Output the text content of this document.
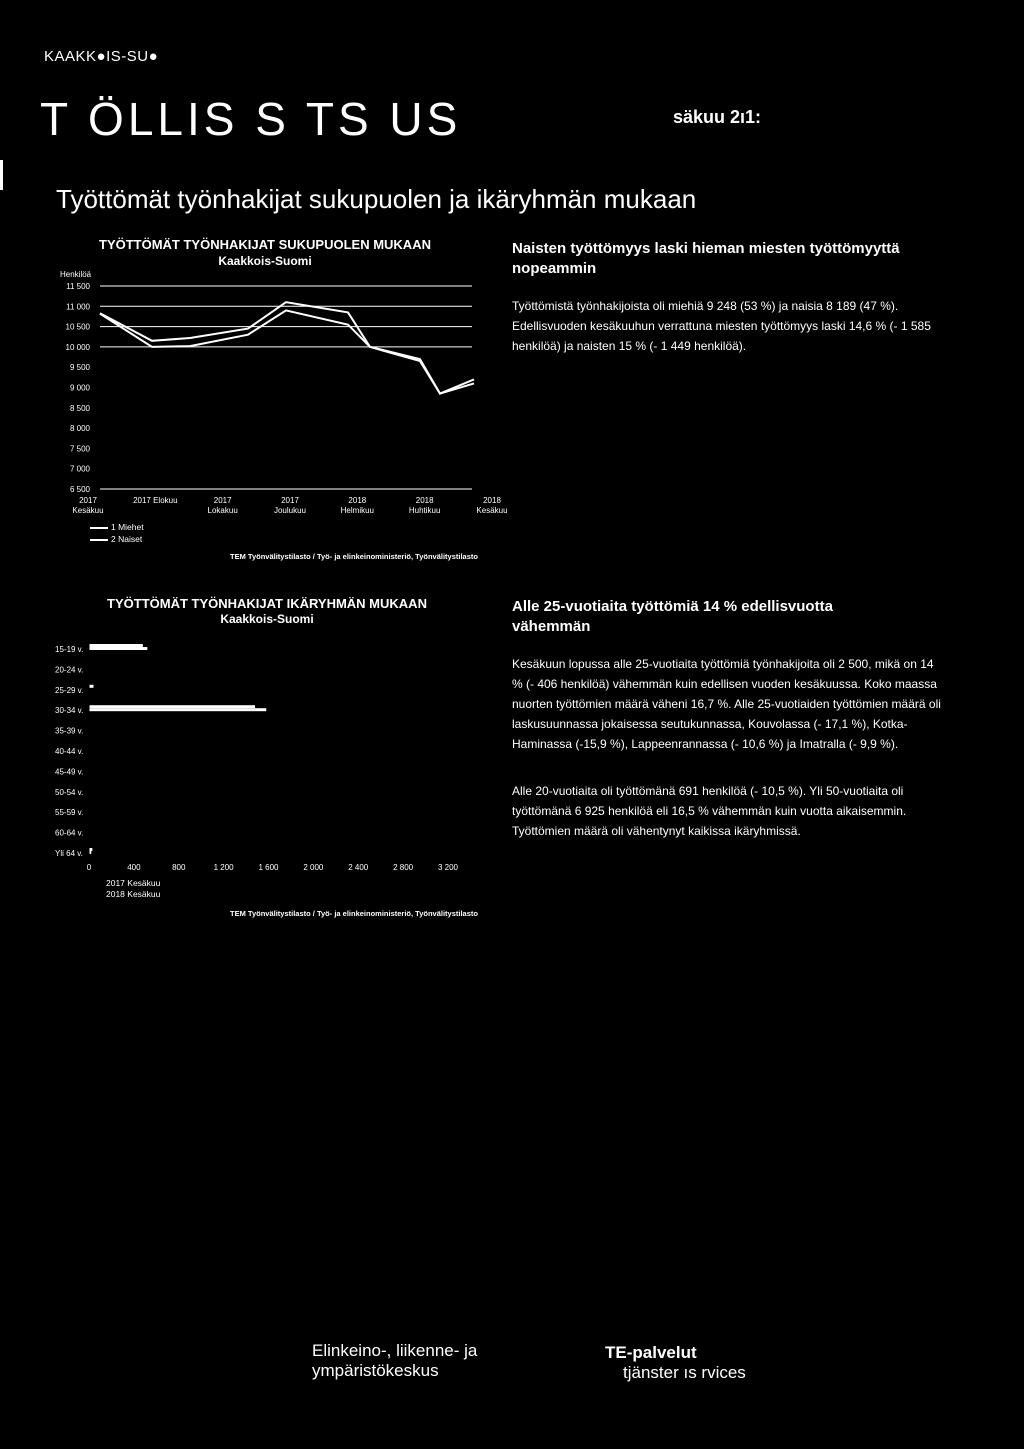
KAAKK●IS-SU●
T ÖLLIS S TS US	säkuu 2ı1:
Työttömät työnhakijat sukupuolen ja ikäryhmän mukaan
TYÖTTÖMÄT TYÖNHAKIJAT SUKUPUOLEN MUKAAN
Kaakkois-Suomi
Henkilöä
11 500
11 000
10 500
10 000
9 500
9 000
8 500
8 000
7 500
7 000
6 500
2017
Kesäkuu
2017 Elokuu	2017
Lokakuu
2017
Joulukuu
2018
Helmikuu
2018
Huhtikuu
2018
Kesäkuu
1 Miehet
2 Naiset
TEM Työnvälitystilasto / Työ- ja elinkeinoministeriö, Työnvälitystilasto
Naisten työttömyys laski hieman miesten työttömyyttä nopeammin
Työttömistä työnhakijoista oli miehiä 9 248 (53 %) ja naisia 8 189 (47 %). Edellisvuoden kesäkuuhun verrattuna miesten työttömyys laski 14,6 % (- 1 585 henkilöä) ja naisten 15 % (- 1 449 henkilöä).
TYÖTTÖMÄT TYÖNHAKIJAT IKÄRYHMÄN MUKAAN
Kaakkois-Suomi
15-19 v.
20-24 v.
25-29 v.
30-34 v.
35-39 v.
40-44 v.
45-49 v.
50-54 v.
55-59 v.
60-64 v.
Yli 64 v.
0	400	800	1 200	1 600	2 000	2 400	2 800	3 200
2017 Kesäkuu
2018 Kesäkuu
TEM Työnvälitystilasto / Työ- ja elinkeinoministeriö, Työnvälitystilasto
Alle 25-vuotiaita työttömiä 14 % edellisvuotta vähemmän
Kesäkuun lopussa alle 25-vuotiaita työttömiä työnhakijoita oli 2 500, mikä on 14 % (- 406 henkilöä) vähemmän kuin edellisen vuoden kesäkuussa. Koko maassa nuorten työttömien määrä väheni 16,7 %. Alle 25-vuotiaiden työttömien määrä oli laskusuunnassa jokaisessa seutukunnassa, Kouvolassa (- 17,1 %), Kotka-Haminassa (-15,9 %), Lappeenrannassa (- 10,6 %) ja Imatralla (- 9,9 %).
Alle 20-vuotiaita oli työttömänä 691 henkilöä (- 10,5 %). Yli 50-vuotiaita oli työttömänä 6 925 henkilöä eli 16,5 % vähemmän kuin vuotta aikaisemmin. Työttömien määrä oli vähentynyt kaikissa ikäryhmissä.
Elinkeino-, liikenne- ja
ympäristökeskus
TE-palvelut
tjänster ıs rvices
